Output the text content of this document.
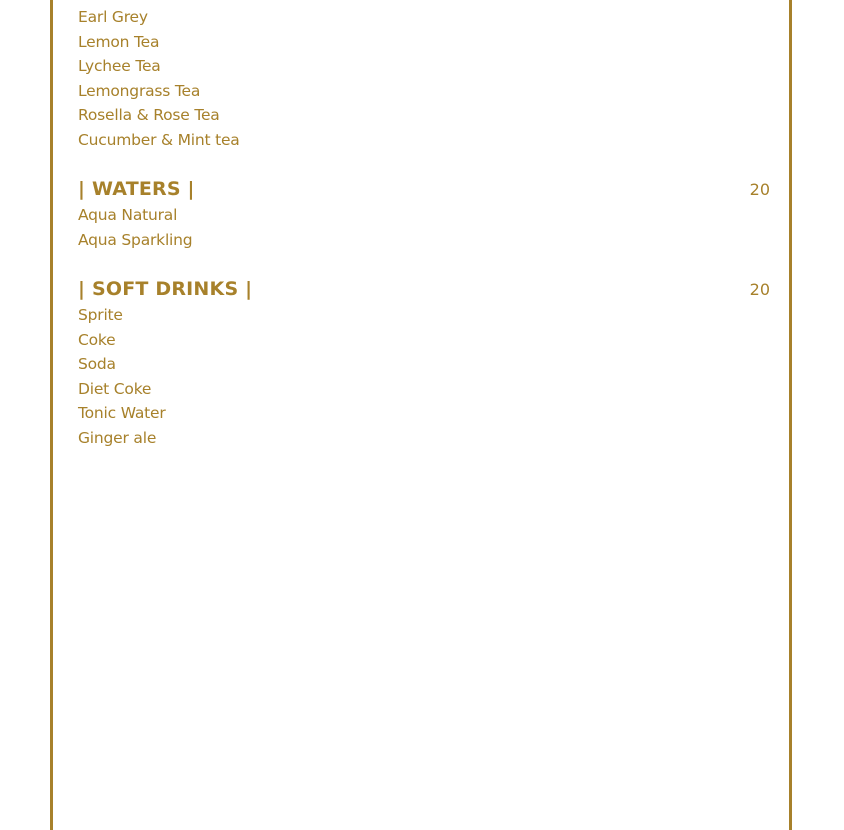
Earl Grey
Lemon Tea
Lychee Tea
Lemongrass Tea
Rosella & Rose Tea
Cucumber & Mint tea
| WATERS |	20
Aqua Natural
Aqua Sparkling
| SOFT DRINKS |	20
Sprite
Coke
Soda
Diet Coke
Tonic Water
Ginger ale
